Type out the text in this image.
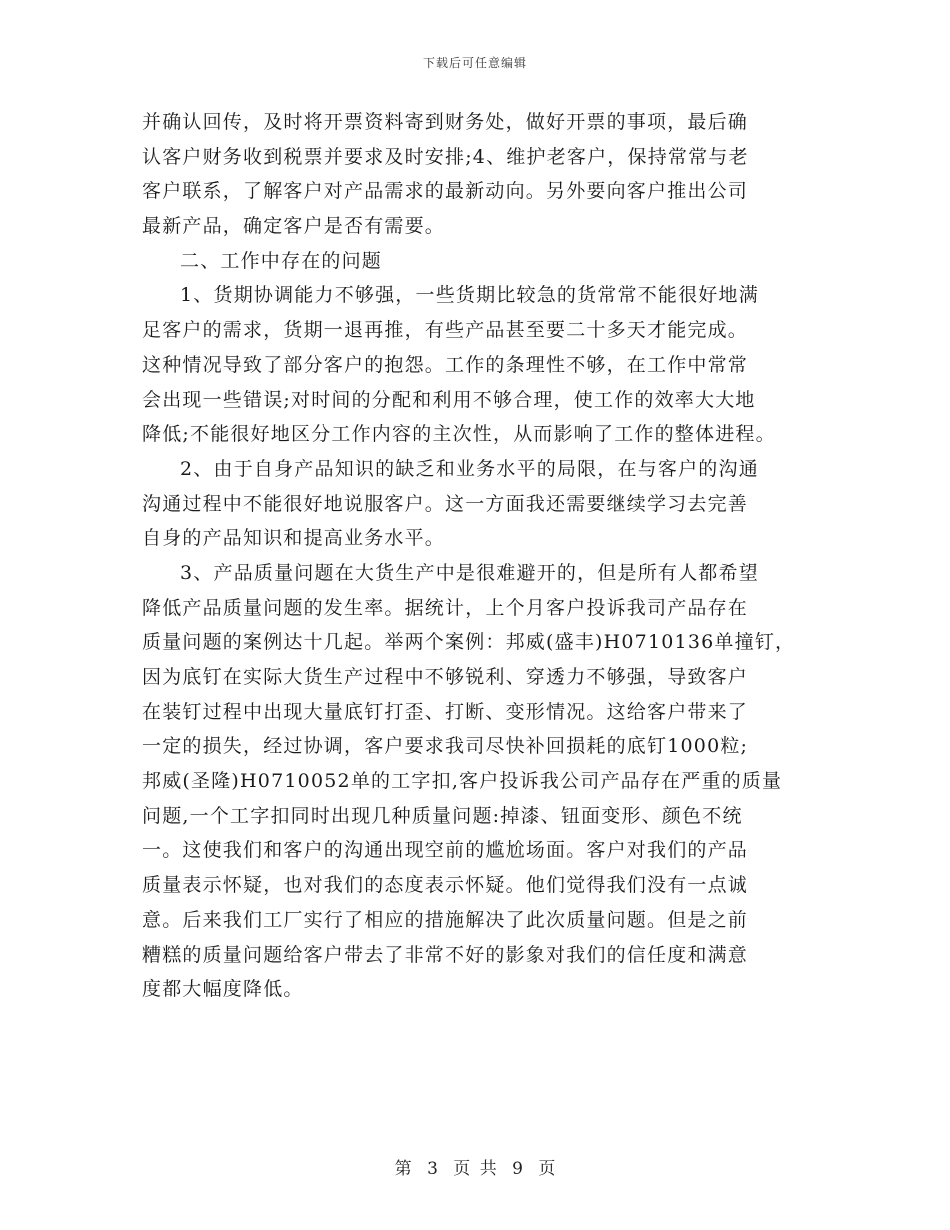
下载后可任意编辑
并确认回传，及时将开票资料寄到财务处，做好开票的事项，最后确
认客户财务收到税票并要求及时安排;4、维护老客户，保持常常与老
客户联系，了解客户对产品需求的最新动向。另外要向客户推出公司
最新产品，确定客户是否有需要。
二、工作中存在的问题
1、货期协调能力不够强，一些货期比较急的货常常不能很好地满
足客户的需求，货期一退再推，有些产品甚至要二十多天才能完成。
这种情况导致了部分客户的抱怨。工作的条理性不够，在工作中常常
会出现一些错误;对时间的分配和利用不够合理，使工作的效率大大地
降低;不能很好地区分工作内容的主次性，从而影响了工作的整体进程。
2、由于自身产品知识的缺乏和业务水平的局限，在与客户的沟通
沟通过程中不能很好地说服客户。这一方面我还需要继续学习去完善
自身的产品知识和提高业务水平。
3、产品质量问题在大货生产中是很难避开的，但是所有人都希望
降低产品质量问题的发生率。据统计，上个月客户投诉我司产品存在
质量问题的案例达十几起。举两个案例：邦威(盛丰)H0710136单撞钉，
因为底钉在实际大货生产过程中不够锐利、穿透力不够强，导致客户
在装钉过程中出现大量底钉打歪、打断、变形情况。这给客户带来了
一定的损失，经过协调，客户要求我司尽快补回损耗的底钉1000粒;
邦威(圣隆)H0710052单的工字扣,客户投诉我公司产品存在严重的质量
问题,一个工字扣同时出现几种质量问题:掉漆、钮面变形、颜色不统
一。这使我们和客户的沟通出现空前的尴尬场面。客户对我们的产品
质量表示怀疑，也对我们的态度表示怀疑。他们觉得我们没有一点诚
意。后来我们工厂实行了相应的措施解决了此次质量问题。但是之前
糟糕的质量问题给客户带去了非常不好的影象对我们的信任度和满意
度都大幅度降低。
第 3 页 共 9 页
